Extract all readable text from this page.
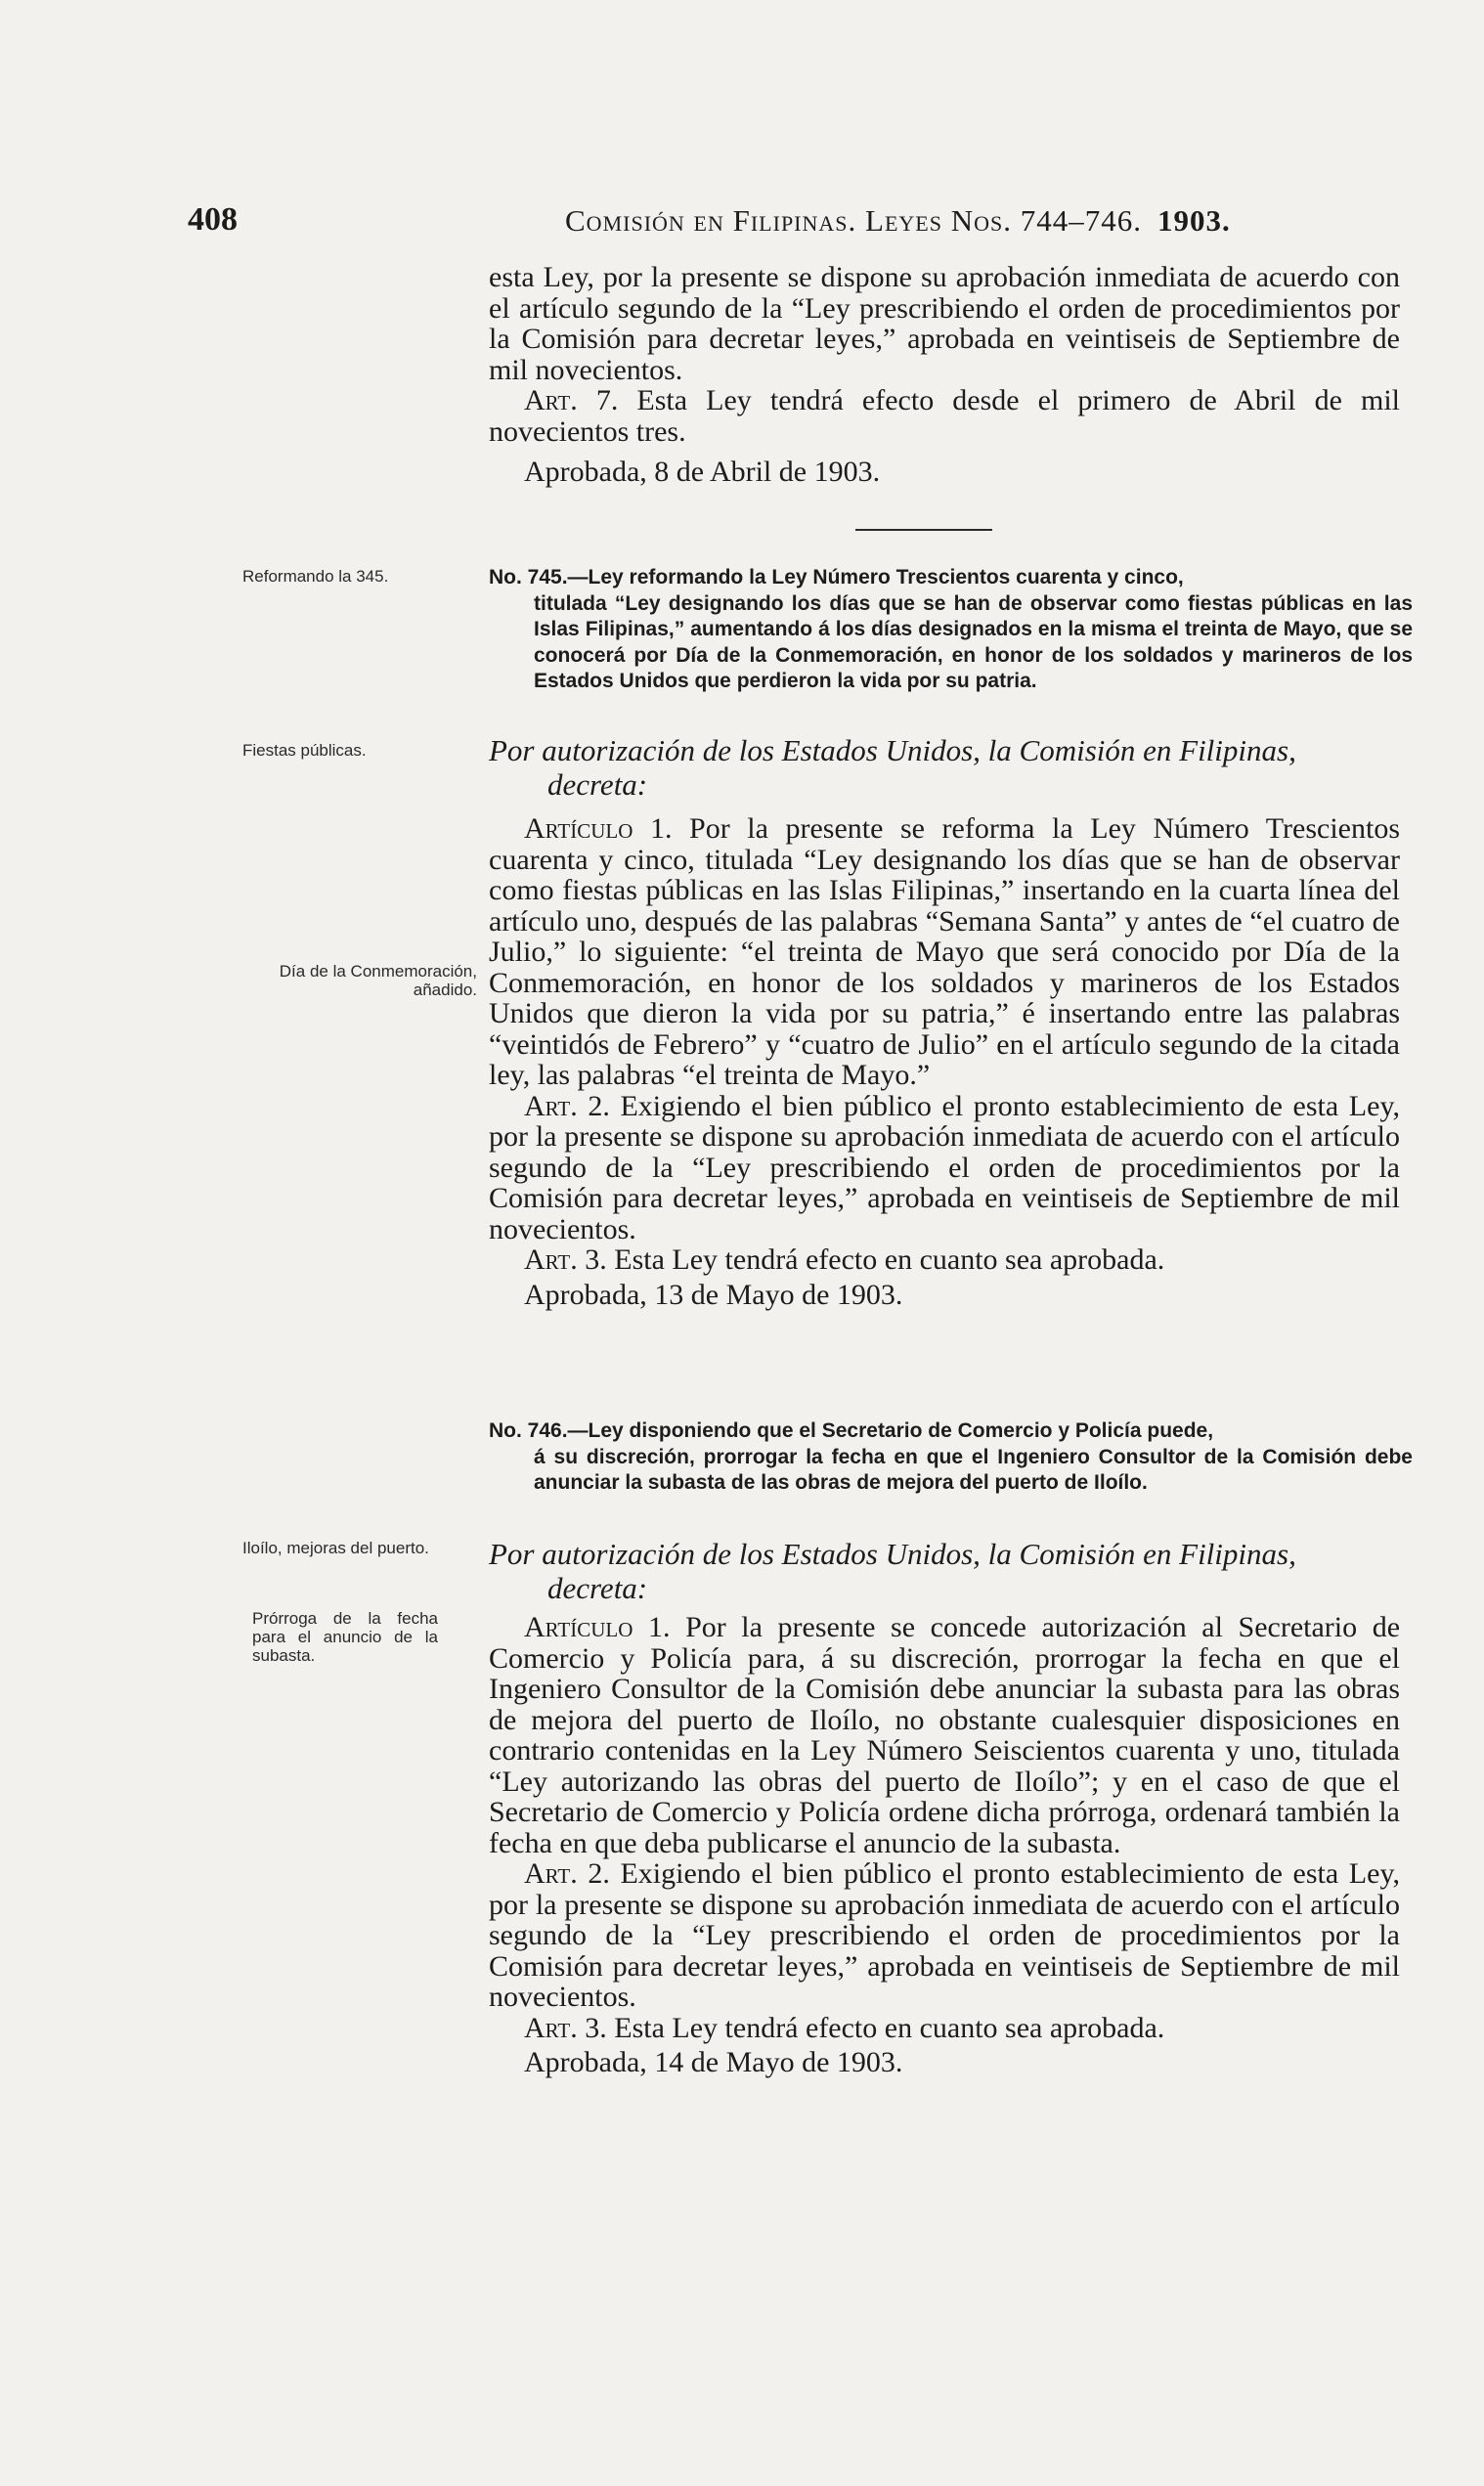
408	Comisión en Filipinas. Leyes Nos. 744–746. 1903.

esta Ley, por la presente se dispone su aprobación inmediata de acuerdo con el artículo segundo de la “Ley prescribiendo el orden de procedimientos por la Comisión para decretar leyes,” aprobada en veintiseis de Septiembre de mil novecientos.

Art. 7. Esta Ley tendrá efecto desde el primero de Abril de mil novecientos tres.

Aprobada, 8 de Abril de 1903.

Reformando la 345.	No. 745.—Ley reformando la Ley Número Trescientos cuarenta y cinco,
titulada “Ley designando los días que se han de observar como fiestas públicas en las Islas Filipinas,” aumentando á los días designados en la misma el treinta de Mayo, que se conocerá por Día de la Conmemoración, en honor de los soldados y marineros de los Estados Unidos que perdieron la vida por su patria.

Fiestas públicas.	Por autorización de los Estados Unidos, la Comisión en Filipinas,
decreta:

Día de la Conmemoración, añadido.

Artículo 1. Por la presente se reforma la Ley Número Trescientos cuarenta y cinco, titulada “Ley designando los días que se han de observar como fiestas públicas en las Islas Filipinas,” insertando en la cuarta línea del artículo uno, después de las palabras “Semana Santa” y antes de “el cuatro de Julio,” lo siguiente: “el treinta de Mayo que será conocido por Día de la Conmemoración, en honor de los soldados y marineros de los Estados Unidos que dieron la vida por su patria,” é insertando entre las palabras “veintidós de Febrero” y “cuatro de Julio” en el artículo segundo de la citada ley, las palabras “el treinta de Mayo.”

Art. 2. Exigiendo el bien público el pronto establecimiento de esta Ley, por la presente se dispone su aprobación inmediata de acuerdo con el artículo segundo de la “Ley prescribiendo el orden de procedimientos por la Comisión para decretar leyes,” aprobada en veintiseis de Septiembre de mil novecientos.

Art. 3. Esta Ley tendrá efecto en cuanto sea aprobada.

Aprobada, 13 de Mayo de 1903.

No. 746.—Ley disponiendo que el Secretario de Comercio y Policía puede,
á su discreción, prorrogar la fecha en que el Ingeniero Consultor de la Comisión debe anunciar la subasta de las obras de mejora del puerto de Iloílo.

Iloílo, mejoras del puerto.	Por autorización de los Estados Unidos, la Comisión en Filipinas,
decreta:

Prórroga de la fecha para el anuncio de la subasta.

Artículo 1. Por la presente se concede autorización al Secretario de Comercio y Policía para, á su discreción, prorrogar la fecha en que el Ingeniero Consultor de la Comisión debe anunciar la subasta para las obras de mejora del puerto de Iloílo, no obstante cualesquier disposiciones en contrario contenidas en la Ley Número Seiscientos cuarenta y uno, titulada “Ley autorizando las obras del puerto de Iloílo”; y en el caso de que el Secretario de Comercio y Policía ordene dicha prórroga, ordenará también la fecha en que deba publicarse el anuncio de la subasta.

Art. 2. Exigiendo el bien público el pronto establecimiento de esta Ley, por la presente se dispone su aprobación inmediata de acuerdo con el artículo segundo de la “Ley prescribiendo el orden de procedimientos por la Comisión para decretar leyes,” aprobada en veintiseis de Septiembre de mil novecientos.

Art. 3. Esta Ley tendrá efecto en cuanto sea aprobada.

Aprobada, 14 de Mayo de 1903.
